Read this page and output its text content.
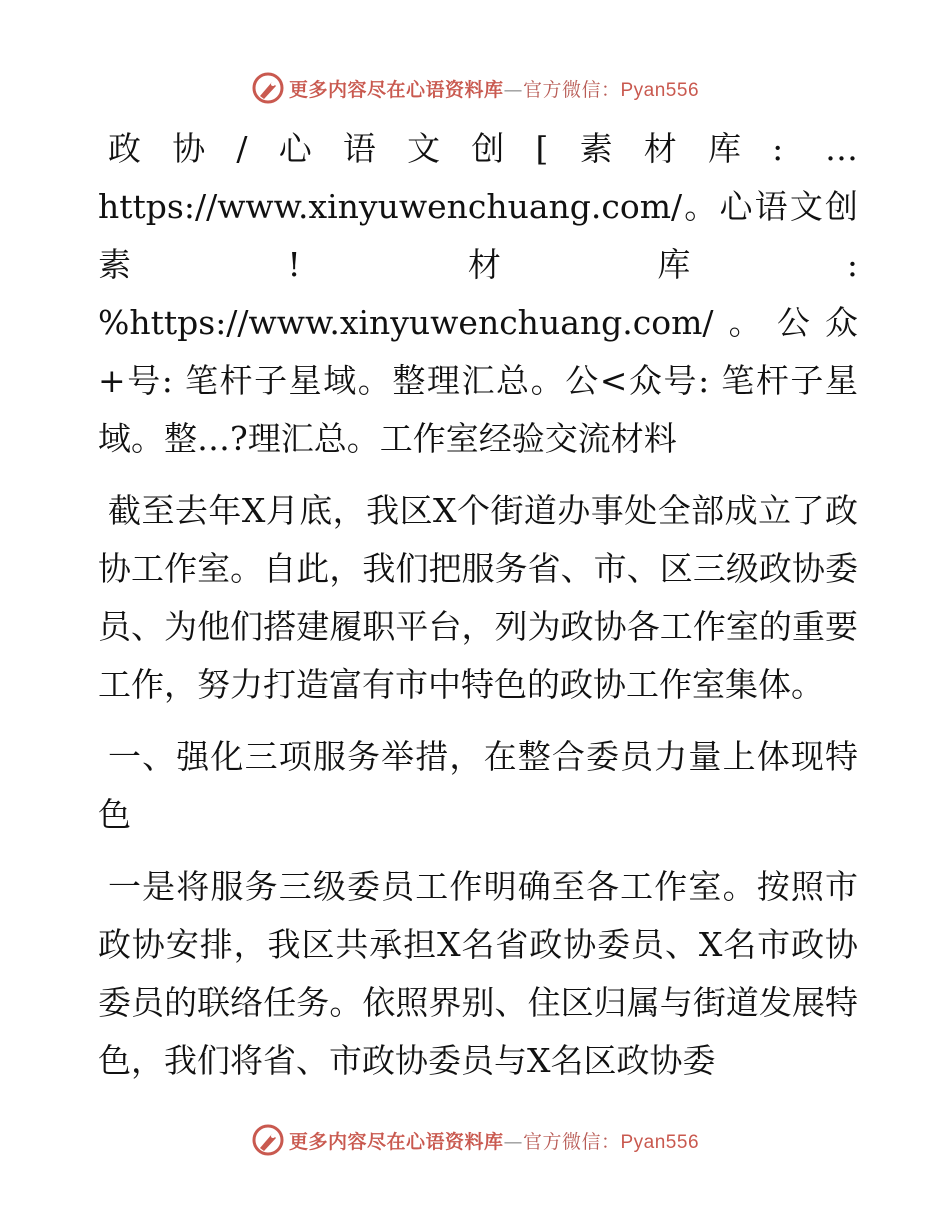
更多内容尽在心语资料库—官方微信：Pyan556

政协/心语文创[素材库: …https://www.xinyuwenchuang.com/。心语文创素! 材库: %https://www.xinyuwenchuang.com/。公众+号: 笔杆子星域。整理汇总。公<众号: 笔杆子星域。整…?理汇总。工作室经验交流材料

截至去年X月底，我区X个街道办事处全部成立了政协工作室。自此，我们把服务省、市、区三级政协委员、为他们搭建履职平台，列为政协各工作室的重要工作，努力打造富有市中特色的政协工作室集体。

一、强化三项服务举措，在整合委员力量上体现特色

一是将服务三级委员工作明确至各工作室。按照市政协安排，我区共承担X名省政协委员、X名市政协委员的联络任务。依照界别、住区归属与街道发展特色，我们将省、市政协委员与X名区政协委

更多内容尽在心语资料库—官方微信：Pyan556
